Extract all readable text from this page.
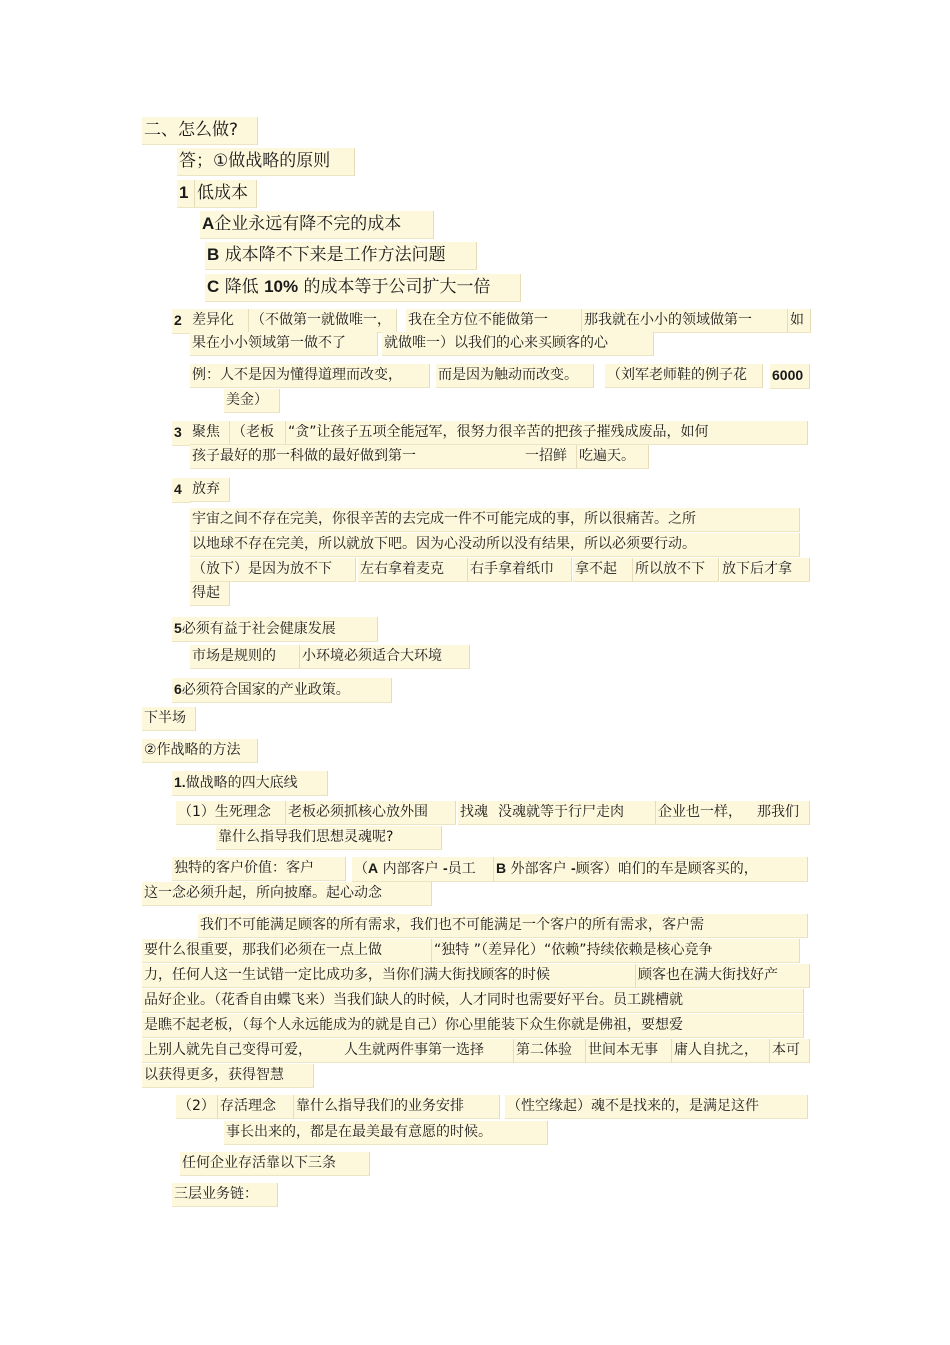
二、怎么做?
答；①做战略的原则
1 低成本
A企业永远有降不完的成本
B 成本降不下来是工作方法问题
C 降低 10% 的成本等于公司扩大一倍
2 差异化	（不做第一就做唯一，	我在全方位不能做第一	那我就在小小的领域做第一	如
果在小小领域第一做不了	就做唯一）以我们的心来买顾客的心
例：人不是因为懂得道理而改变，	而是因为触动而改变。	（刘军老师鞋的例子花	6000
美金）
3 聚焦 （老板	“贪”让孩子五项全能冠军，很努力很辛苦的把孩子摧残成废品，如何
孩子最好的那一科做的最好做到第一	一招鲜 吃遍天。
4 放弃
宇宙之间不存在完美，你很辛苦的去完成一件不可能完成的事，所以很痛苦。之所
以地球不存在完美，所以就放下吧。因为心没动所以没有结果，所以必须要行动。
（放下）是因为放不下	左右拿着麦克	右手拿着纸巾	拿不起	所以放不下	放下后才拿
得起
5必须有益于社会健康发展
市场是规则的	小环境必须适合大环境
6必须符合国家的产业政策。
下半场
②作战略的方法
1.做战略的四大底线
（1）生死理念	老板必须抓核心放外围	找魂 没魂就等于行尸走肉	企业也一样，	那我们
靠什么指导我们思想灵魂呢?
独特的客户价值：客户	（A 内部客户 -员工	B 外部客户 -顾客）咱们的车是顾客买的，
这一念必须升起，所向披靡。起心动念
我们不可能满足顾客的所有需求，我们也不可能满足一个客户的所有需求，客户需
要什么很重要，那我们必须在一点上做	“独特 ”（差异化）“依赖”持续依赖是核心竞争
力，任何人这一生试错一定比成功多，当你们满大街找顾客的时候	顾客也在满大街找好产
品好企业。（花香自由蝶飞来）当我们缺人的时候，人才同时也需要好平台。员工跳槽就
是瞧不起老板，（每个人永远能成为的就是自己）你心里能装下众生你就是佛祖，要想爱
上别人就先自己变得可爱，	人生就两件事第一选择	第二体验	世间本无事	庸人自扰之，	本可
以获得更多，获得智慧
（2） 存活理念	靠什么指导我们的业务安排	（性空缘起）魂不是找来的，是满足这件
事长出来的，都是在最美最有意愿的时候。
任何企业存活靠以下三条
三层业务链：
